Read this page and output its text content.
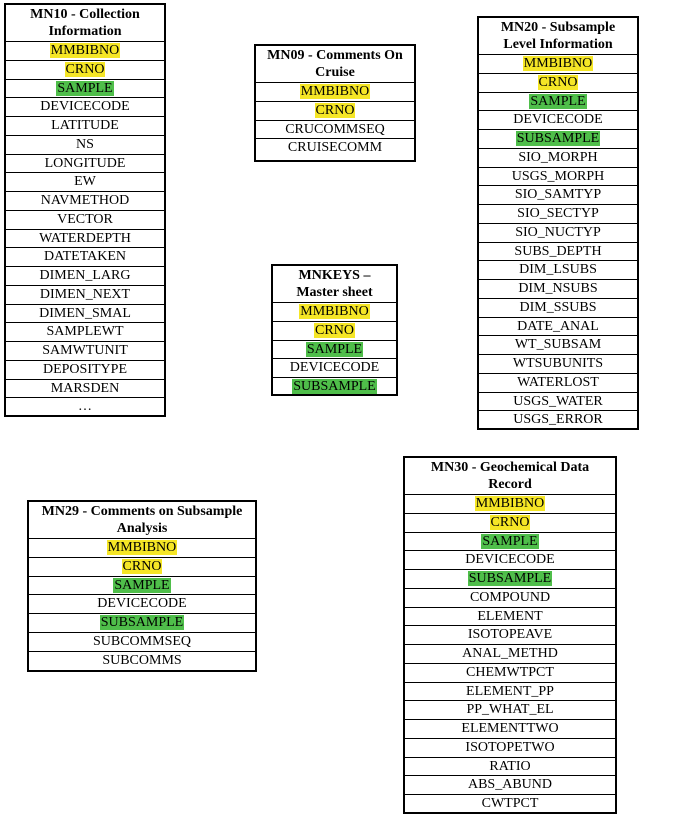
MN10 - Collection Information
MMBIBNO
CRNO
SAMPLE
DEVICECODE
LATITUDE
NS
LONGITUDE
EW
NAVMETHOD
VECTOR
WATERDEPTH
DATETAKEN
DIMEN_LARG
DIMEN_NEXT
DIMEN_SMAL
SAMPLEWT
SAMWTUNIT
DEPOSITYPE
MARSDEN
…
MN09 - Comments On Cruise
MMBIBNO
CRNO
CRUCOMMSEQ
CRUISECOMM
MNKEYS – Master sheet
MMBIBNO
CRNO
SAMPLE
DEVICECODE
SUBSAMPLE
MN20 - Subsample Level Information
MMBIBNO
CRNO
SAMPLE
DEVICECODE
SUBSAMPLE
SIO_MORPH
USGS_MORPH
SIO_SAMTYP
SIO_SECTYP
SIO_NUCTYP
SUBS_DEPTH
DIM_LSUBS
DIM_NSUBS
DIM_SSUBS
DATE_ANAL
WT_SUBSAM
WTSUBUNITS
WATERLOST
USGS_WATER
USGS_ERROR
MN29 - Comments on Subsample Analysis
MMBIBNO
CRNO
SAMPLE
DEVICECODE
SUBSAMPLE
SUBCOMMSEQ
SUBCOMMS
MN30 - Geochemical Data Record
MMBIBNO
CRNO
SAMPLE
DEVICECODE
SUBSAMPLE
COMPOUND
ELEMENT
ISOTOPEAVE
ANAL_METHD
CHEMWTPCT
ELEMENT_PP
PP_WHAT_EL
ELEMENTTWO
ISOTOPETWO
RATIO
ABS_ABUND
CWTPCT
